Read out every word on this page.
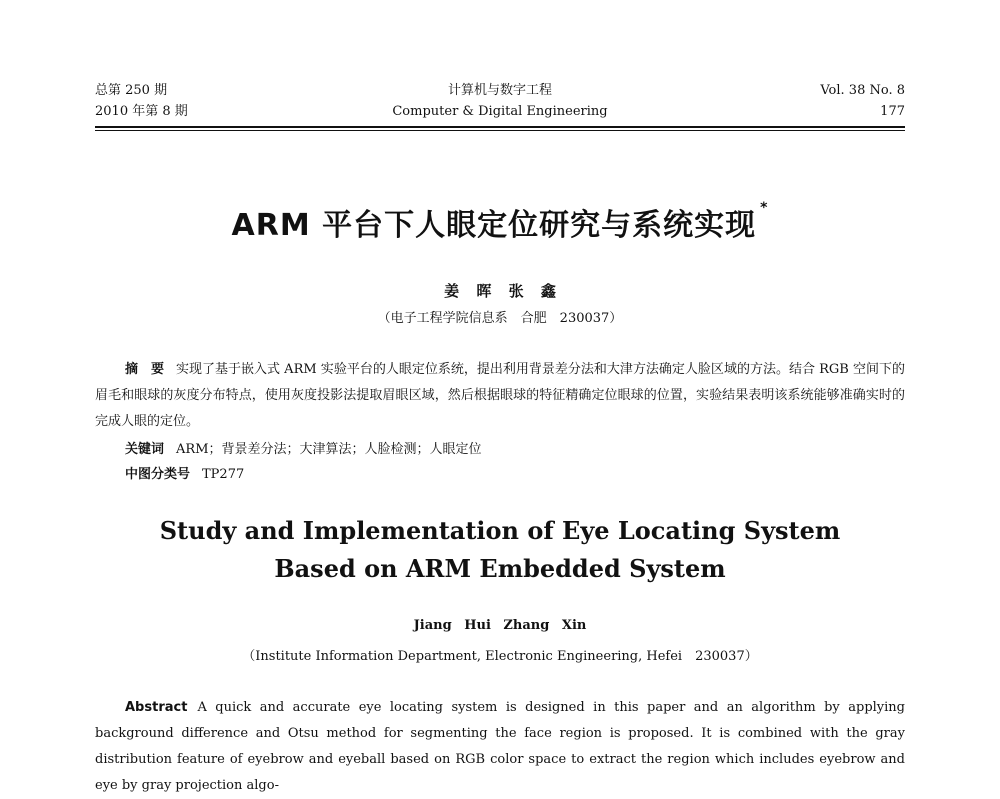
总第 250 期
2010 年第 8 期
计算机与数字工程
Computer & Digital Engineering
Vol. 38 No. 8
177
ARM 平台下人眼定位研究与系统实现 *
姜 晖 张 鑫
（电子工程学院信息系　合肥　230037）
摘　要 实现了基于嵌入式 ARM 实验平台的人眼定位系统，提出利用背景差分法和大津方法确定人脸区域的方法。结合 RGB 空间下的眉毛和眼球的灰度分布特点，使用灰度投影法提取眉眼区域，然后根据眼球的特征精确定位眼球的位置，实验结果表明该系统能够准确实时的完成人眼的定位。
关键词 ARM；背景差分法；大津算法；人脸检测；人眼定位
中图分类号 TP277
Study and Implementation of Eye Locating System
Based on ARM Embedded System
Jiang Hui Zhang Xin
（Institute Information Department, Electronic Engineering, Hefei　230037）
Abstract A quick and accurate eye locating system is designed in this paper and an algorithm by applying background difference and Otsu method for segmenting the face region is proposed. It is combined with the gray distribution feature of eyebrow and eyeball based on RGB color space to extract the region which includes eyebrow and eye by gray projection algo-
